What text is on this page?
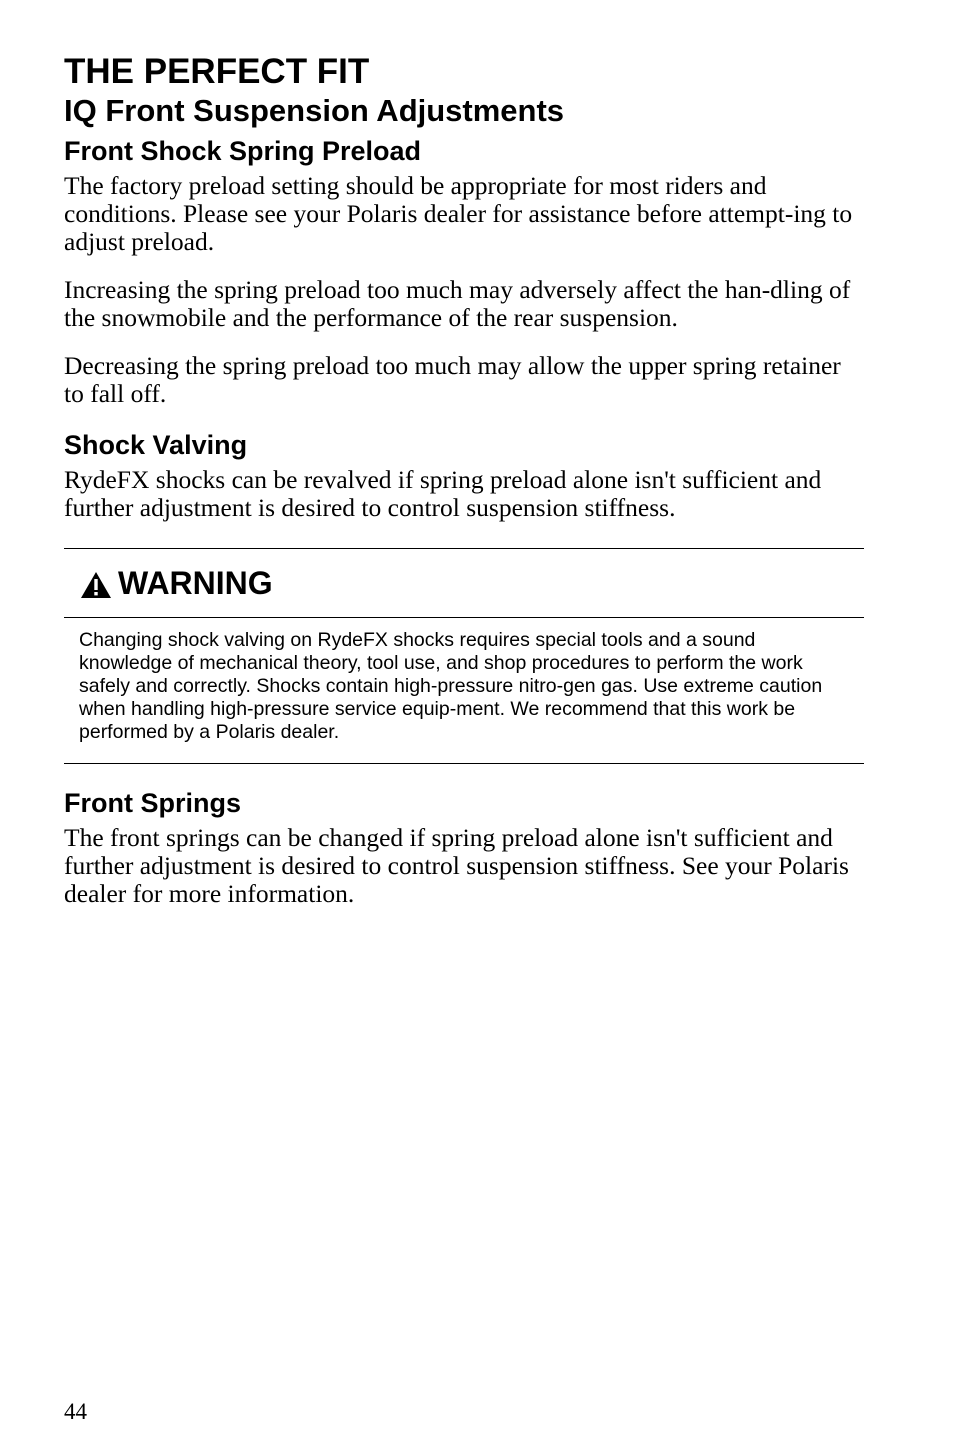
THE PERFECT FIT
IQ Front Suspension Adjustments
Front Shock Spring Preload

The factory preload setting should be appropriate for most riders and conditions. Please see your Polaris dealer for assistance before attempt-ing to adjust preload.

Increasing the spring preload too much may adversely affect the han-dling of the snowmobile and the performance of the rear suspension.

Decreasing the spring preload too much may allow the upper spring retainer to fall off.

Shock Valving

RydeFX shocks can be revalved if spring preload alone isn't sufficient and further adjustment is desired to control suspension stiffness.

WARNING

Changing shock valving on RydeFX shocks requires special tools and a sound knowledge of mechanical theory, tool use, and shop procedures to perform the work safely and correctly. Shocks contain high-pressure nitro-gen gas. Use extreme caution when handling high-pressure service equip-ment. We recommend that this work be performed by a Polaris dealer.

Front Springs

The front springs can be changed if spring preload alone isn't sufficient and further adjustment is desired to control suspension stiffness. See your Polaris dealer for more information.

44
